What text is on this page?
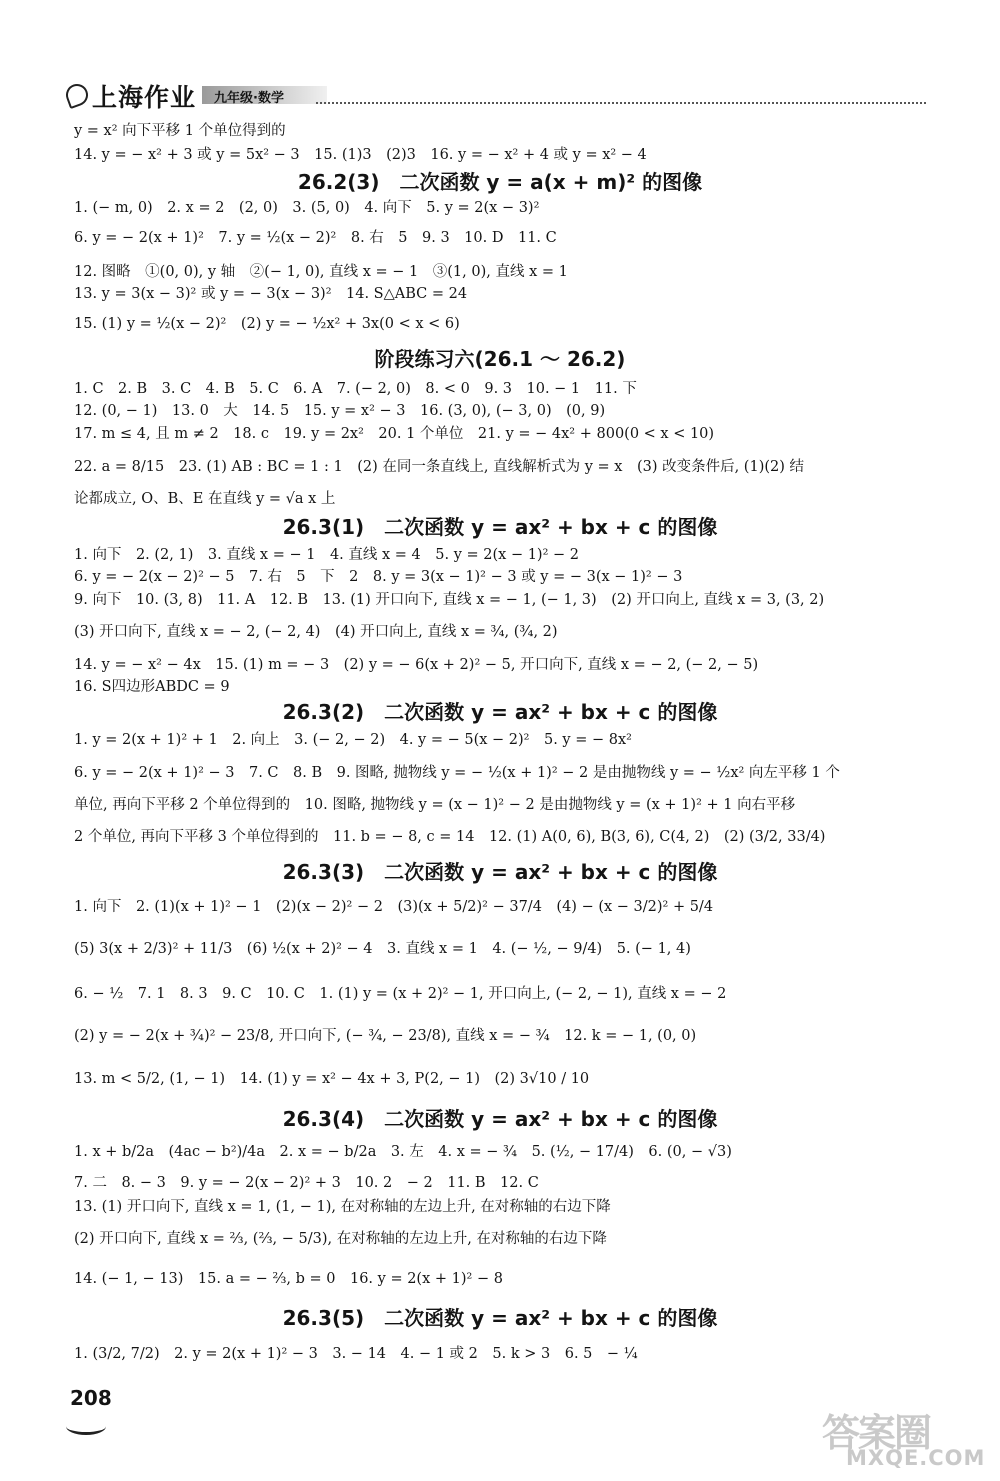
上海作业 九年级·数学
y = x² 向下平移 1 个单位得到的
14. y = − x² + 3 或 y = 5x² − 3　15. (1)3　(2)3　16. y = − x² + 4 或 y = x² − 4
26.2(3)　二次函数 y = a(x + m)² 的图像
1. (− m, 0)　2. x = 2　(2, 0)　3. (5, 0)　4. 向下　5. y = 2(x − 3)²
6. y = − 2(x + 1)²　7. y = ½(x − 2)²　8. 右　5　9. 3　10. D　11. C
12. 图略　①(0, 0), y 轴　②(− 1, 0), 直线 x = − 1　③(1, 0), 直线 x = 1
13. y = 3(x − 3)² 或 y = − 3(x − 3)²　14. S△ABC = 24
15. (1) y = ½(x − 2)²　(2) y = − ½x² + 3x(0 < x < 6)
阶段练习六(26.1 ～ 26.2)
1. C　2. B　3. C　4. B　5. C　6. A　7. (− 2, 0)　8. < 0　9. 3　10. − 1　11. 下
12. (0, − 1)　13. 0　大　14. 5　15. y = x² − 3　16. (3, 0), (− 3, 0)　(0, 9)
17. m ≤ 4, 且 m ≠ 2　18. c　19. y = 2x²　20. 1 个单位　21. y = − 4x² + 800(0 < x < 10)
22. a = 8/15　23. (1) AB : BC = 1 : 1　(2) 在同一条直线上, 直线解析式为 y = x　(3) 改变条件后, (1)(2) 结
论都成立, O、B、E 在直线 y = √a x 上
26.3(1)　二次函数 y = ax² + bx + c 的图像
1. 向下　2. (2, 1)　3. 直线 x = − 1　4. 直线 x = 4　5. y = 2(x − 1)² − 2
6. y = − 2(x − 2)² − 5　7. 右　5　下　2　8. y = 3(x − 1)² − 3 或 y = − 3(x − 1)² − 3
9. 向下　10. (3, 8)　11. A　12. B　13. (1) 开口向下, 直线 x = − 1, (− 1, 3)　(2) 开口向上, 直线 x = 3, (3, 2)
(3) 开口向下, 直线 x = − 2, (− 2, 4)　(4) 开口向上, 直线 x = ¾, (¾, 2)
14. y = − x² − 4x　15. (1) m = − 3　(2) y = − 6(x + 2)² − 5, 开口向下, 直线 x = − 2, (− 2, − 5)
16. S四边形ABDC = 9
26.3(2)　二次函数 y = ax² + bx + c 的图像
1. y = 2(x + 1)² + 1　2. 向上　3. (− 2, − 2)　4. y = − 5(x − 2)²　5. y = − 8x²
6. y = − 2(x + 1)² − 3　7. C　8. B　9. 图略, 抛物线 y = − ½(x + 1)² − 2 是由抛物线 y = − ½x² 向左平移 1 个
单位, 再向下平移 2 个单位得到的　10. 图略, 抛物线 y = (x − 1)² − 2 是由抛物线 y = (x + 1)² + 1 向右平移
2 个单位, 再向下平移 3 个单位得到的　11. b = − 8, c = 14　12. (1) A(0, 6), B(3, 6), C(4, 2)　(2) (3/2, 33/4)
26.3(3)　二次函数 y = ax² + bx + c 的图像
1. 向下　2. (1)(x + 1)² − 1　(2)(x − 2)² − 2　(3)(x + 5/2)² − 37/4　(4) − (x − 3/2)² + 5/4
(5) 3(x + 2/3)² + 11/3　(6) ½(x + 2)² − 4　3. 直线 x = 1　4. (− ½, − 9/4)　5. (− 1, 4)
6. − ½　7. 1　8. 3　9. C　10. C　1. (1) y = (x + 2)² − 1, 开口向上, (− 2, − 1), 直线 x = − 2
(2) y = − 2(x + ¾)² − 23/8, 开口向下, (− ¾, − 23/8), 直线 x = − ¾　12. k = − 1, (0, 0)
13. m < 5/2, (1, − 1)　14. (1) y = x² − 4x + 3, P(2, − 1)　(2) 3√10 / 10
26.3(4)　二次函数 y = ax² + bx + c 的图像
1. x + b/2a　(4ac − b²)/4a　2. x = − b/2a　3. 左　4. x = − ¾　5. (½, − 17/4)　6. (0, − √3)
7. 二　8. − 3　9. y = − 2(x − 2)² + 3　10. 2　− 2　11. B　12. C
13. (1) 开口向下, 直线 x = 1, (1, − 1), 在对称轴的左边上升, 在对称轴的右边下降
(2) 开口向下, 直线 x = ⅔, (⅔, − 5/3), 在对称轴的左边上升, 在对称轴的右边下降
14. (− 1, − 13)　15. a = − ⅔, b = 0　16. y = 2(x + 1)² − 8
26.3(5)　二次函数 y = ax² + bx + c 的图像
1. (3/2, 7/2)　2. y = 2(x + 1)² − 3　3. − 14　4. − 1 或 2　5. k > 3　6. 5　− ¼
208
答案圈
MXQE.COM
